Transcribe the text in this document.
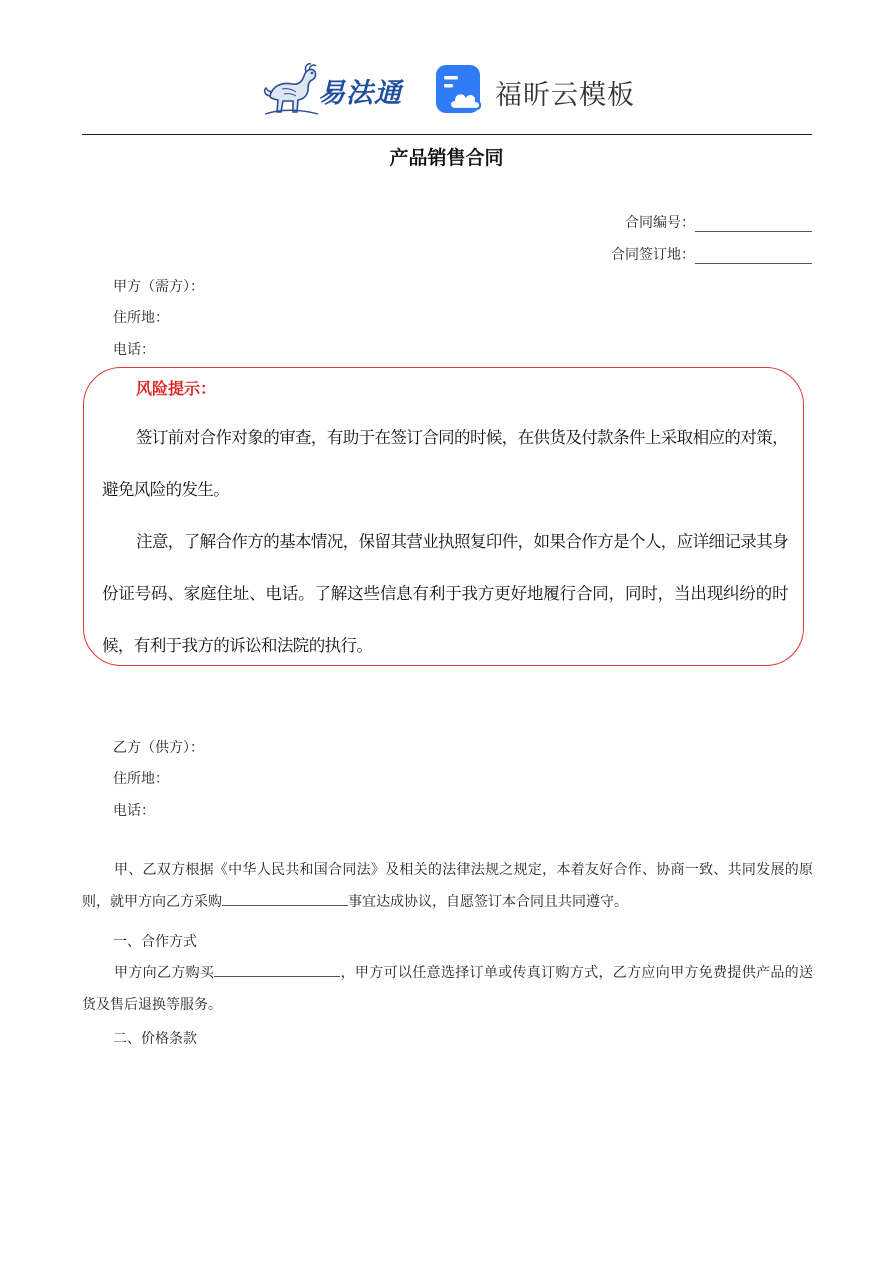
易法通	福昕云模板
产品销售合同
合同编号：
合同签订地：
甲方（需方）：
住所地：
电话：
风险提示：

签订前对合作对象的审查，有助于在签订合同的时候，在供货及付款条件上采取相应的对策，避免风险的发生。

注意，了解合作方的基本情况，保留其营业执照复印件，如果合作方是个人，应详细记录其身份证号码、家庭住址、电话。了解这些信息有利于我方更好地履行合同，同时，当出现纠纷的时候，有利于我方的诉讼和法院的执行。

乙方（供方）：
住所地：
电话：

甲、乙双方根据《中华人民共和国合同法》及相关的法律法规之规定，本着友好合作、协商一致、共同发展的原则，就甲方向乙方采购	事宜达成协议，自愿签订本合同且共同遵守。

一、合作方式

甲方向乙方购买	，甲方可以任意选择订单或传真订购方式，乙方应向甲方免费提供产品的送货及售后退换等服务。

二、价格条款
